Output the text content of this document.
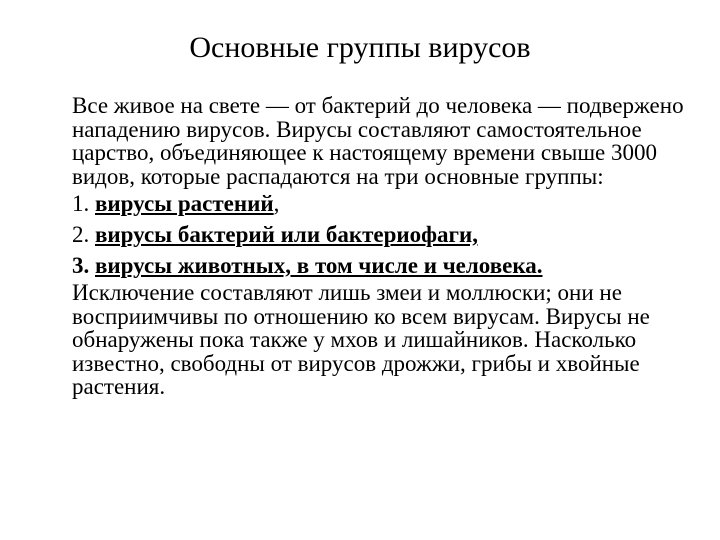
Основные группы вирусов

Все живое на свете — от бактерий до человека — подвержено нападению вирусов. Вирусы составляют самостоятельное царство, объединяющее к настоящему времени свыше 3000 видов, которые распадаются на три основные группы:

1. вирусы растений,
2. вирусы бактерий или бактериофаги,
3. вирусы животных, в том числе и человека.

Исключение составляют лишь змеи и моллюски; они не восприимчивы по отношению ко всем вирусам. Вирусы не обнаружены пока также у мхов и лишайников. Насколько известно, свободны от вирусов дрожжи, грибы и хвойные растения.
